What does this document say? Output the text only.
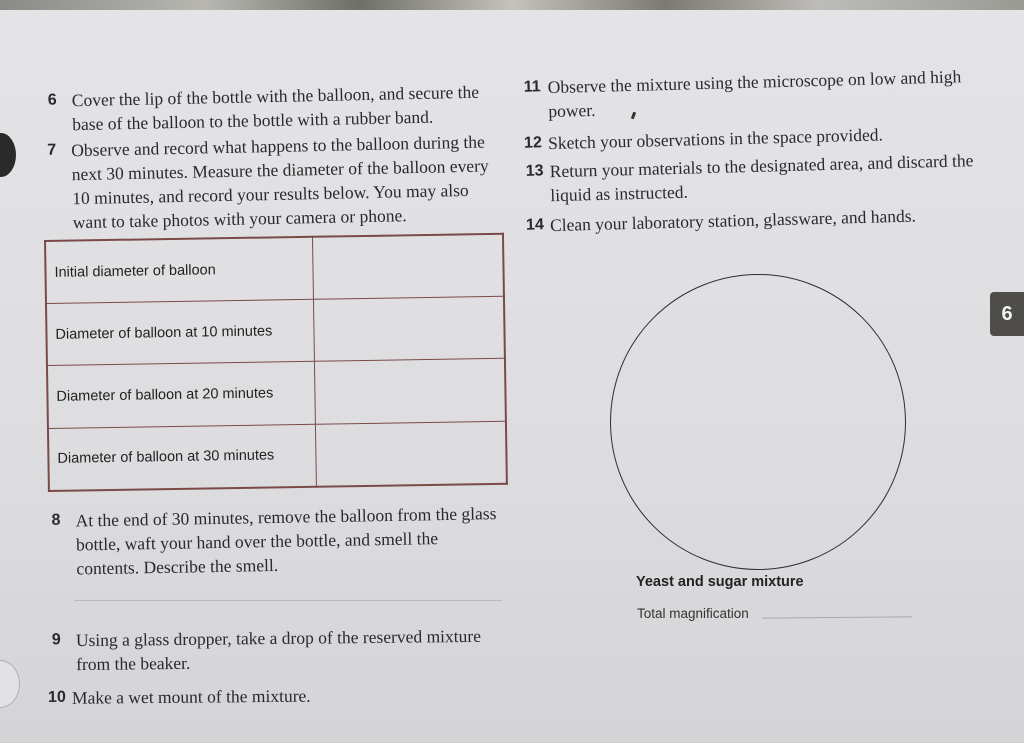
6 Cover the lip of the bottle with the balloon, and secure the base of the balloon to the bottle with a rubber band.
7 Observe and record what happens to the balloon during the next 30 minutes. Measure the diameter of the balloon every 10 minutes, and record your results below. You may also want to take photos with your camera or phone.
Initial diameter of balloon	
Diameter of balloon at 10 minutes	
Diameter of balloon at 20 minutes	
Diameter of balloon at 30 minutes	
8 At the end of 30 minutes, remove the balloon from the glass bottle, waft your hand over the bottle, and smell the contents. Describe the smell.
9 Using a glass dropper, take a drop of the reserved mixture from the beaker.
10 Make a wet mount of the mixture.
11 Observe the mixture using the microscope on low and high power.
12 Sketch your observations in the space provided.
13 Return your materials to the designated area, and discard the liquid as instructed.
14 Clean your laboratory station, glassware, and hands.
Yeast and sugar mixture
Total magnification
6
